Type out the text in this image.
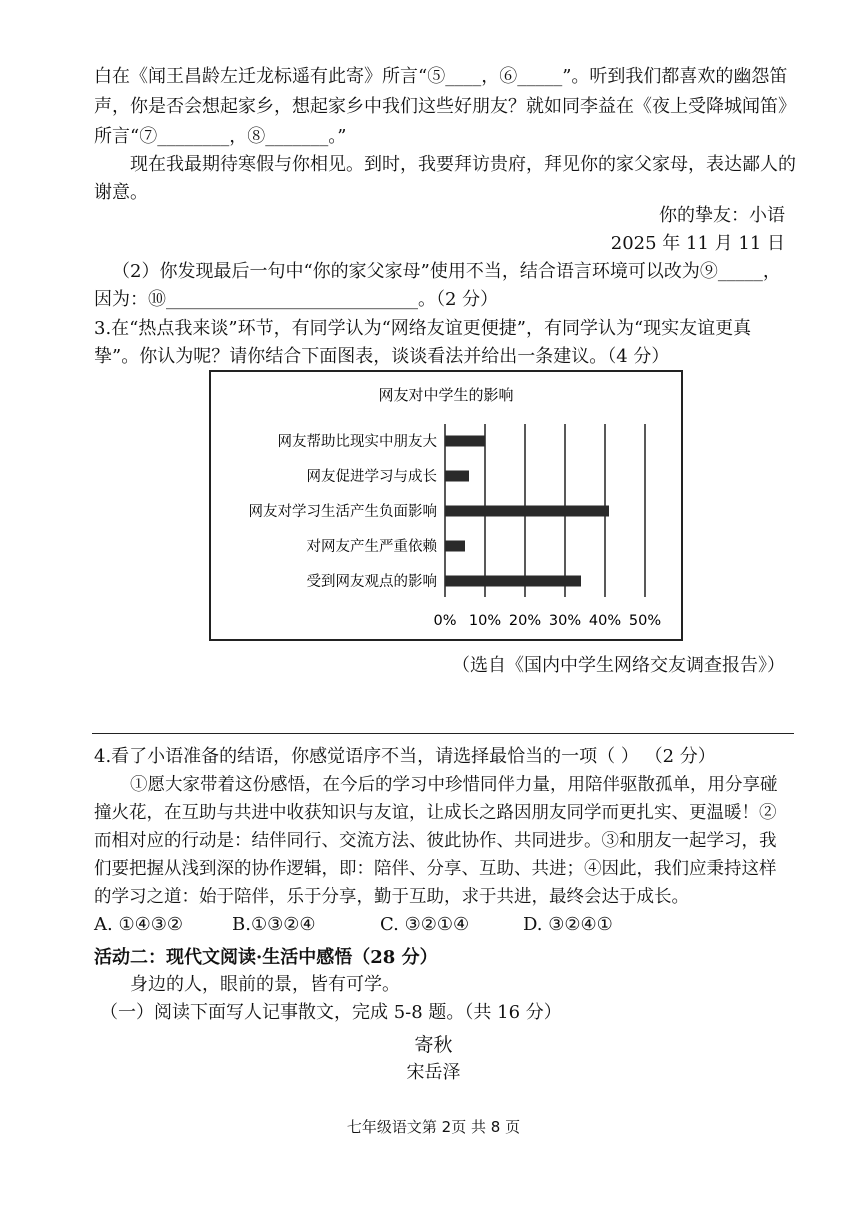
白在《闻王昌龄左迁龙标遥有此寄》所言“⑤____，⑥_____”。听到我们都喜欢的幽怨笛
声，你是否会想起家乡，想起家乡中我们这些好朋友？就如同李益在《夜上受降城闻笛》
所言“⑦________，⑧_______。”
现在我最期待寒假与你相见。到时，我要拜访贵府，拜见你的家父家母，表达鄙人的
谢意。
你的挚友：小语
2025 年 11 月 11 日
（2）你发现最后一句中“你的家父家母”使用不当，结合语言环境可以改为⑨_____，
因为：⑩____________________________。（2 分）
3.在“热点我来谈”环节，有同学认为“网络友谊更便捷”，有同学认为“现实友谊更真
挚”。你认为呢？请你结合下面图表，谈谈看法并给出一条建议。（4 分）
网友对中学生的影响
网友帮助比现实中朋友大
网友促进学习与成长
网友对学习生活产生负面影响
对网友产生严重依赖
受到网友观点的影响
0% 10% 20% 30% 40% 50%
（选自《国内中学生网络交友调查报告》）
4.看了小语准备的结语，你感觉语序不当，请选择最恰当的一项（ ） （2 分）
①愿大家带着这份感悟，在今后的学习中珍惜同伴力量，用陪伴驱散孤单，用分享碰
撞火花，在互助与共进中收获知识与友谊，让成长之路因朋友同学而更扎实、更温暖！②
而相对应的行动是：结伴同行、交流方法、彼此协作、共同进步。③和朋友一起学习，我
们要把握从浅到深的协作逻辑，即：陪伴、分享、互助、共进；④因此，我们应秉持这样
的学习之道：始于陪伴，乐于分享，勤于互助，求于共进，最终会达于成长。
A. ①④③②	B.①③②④	C. ③②①④	D. ③②④①
活动二：现代文阅读·生活中感悟（28 分）
身边的人，眼前的景，皆有可学。
（一）阅读下面写人记事散文，完成 5-8 题。（共 16 分）
寄秋
宋岳泽
七年级语文第 2页 共 8 页
